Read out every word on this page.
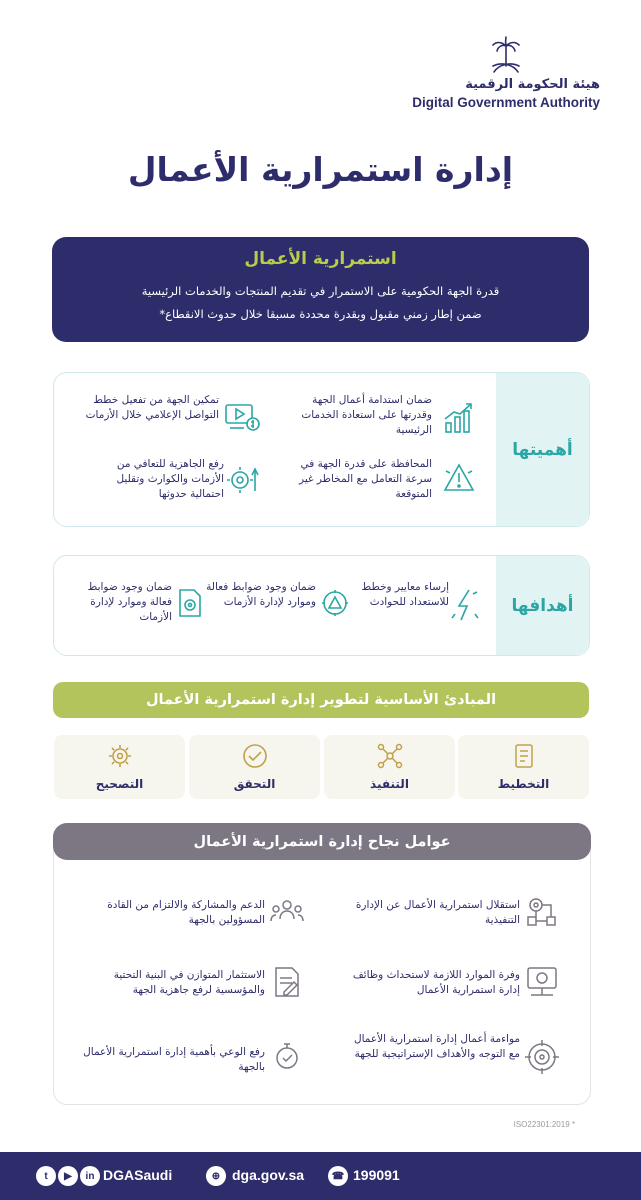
هيئة الحكومة الرقمية
Digital Government Authority
إدارة استمرارية الأعمال
استمرارية الأعمال
قدرة الجهة الحكومية على الاستمرار في تقديم المنتجات والخدمات الرئيسية
ضمن إطار زمني مقبول وبقدرة محددة مسبقا خلال حدوث الانقطاع*
أهميتها
ضمان استدامة أعمال الجهة وقدرتها على استعادة الخدمات الرئيسية
تمكين الجهة من تفعيل خطط التواصل الإعلامي خلال الأزمات
المحافظة على قدرة الجهة في سرعة التعامل مع المخاطر غير المتوقعة
رفع الجاهزية للتعافي من الأزمات والكوارث وتقليل احتمالية حدوثها
أهدافها
إرساء معايير وخطط للاستعداد للحوادث
ضمان وجود ضوابط فعالة وموارد لإدارة الأزمات
ضمان وجود ضوابط فعالة وموارد لإدارة الأزمات
المبادئ الأساسية لتطوير إدارة استمرارية الأعمال
التخطيط
التنفيذ
التحقق
التصحيح
عوامل نجاح إدارة استمرارية الأعمال
استقلال استمرارية الأعمال عن الإدارة التنفيذية
الدعم والمشاركة والالتزام من القادة المسؤولين بالجهة
وفرة الموارد اللازمة لاستحداث وظائف إدارة استمرارية الأعمال
الاستثمار المتوازن في البنية التحتية والمؤسسية لرفع جاهزية الجهة
مواءمة أعمال إدارة استمرارية الأعمال مع التوجه والأهداف الإستراتيجية للجهة
رفع الوعي بأهمية إدارة استمرارية الأعمال بالجهة
ISO22301:2019 *
199091
☎
dga.gov.sa
⊕
DGASaudi
in
▶
t
